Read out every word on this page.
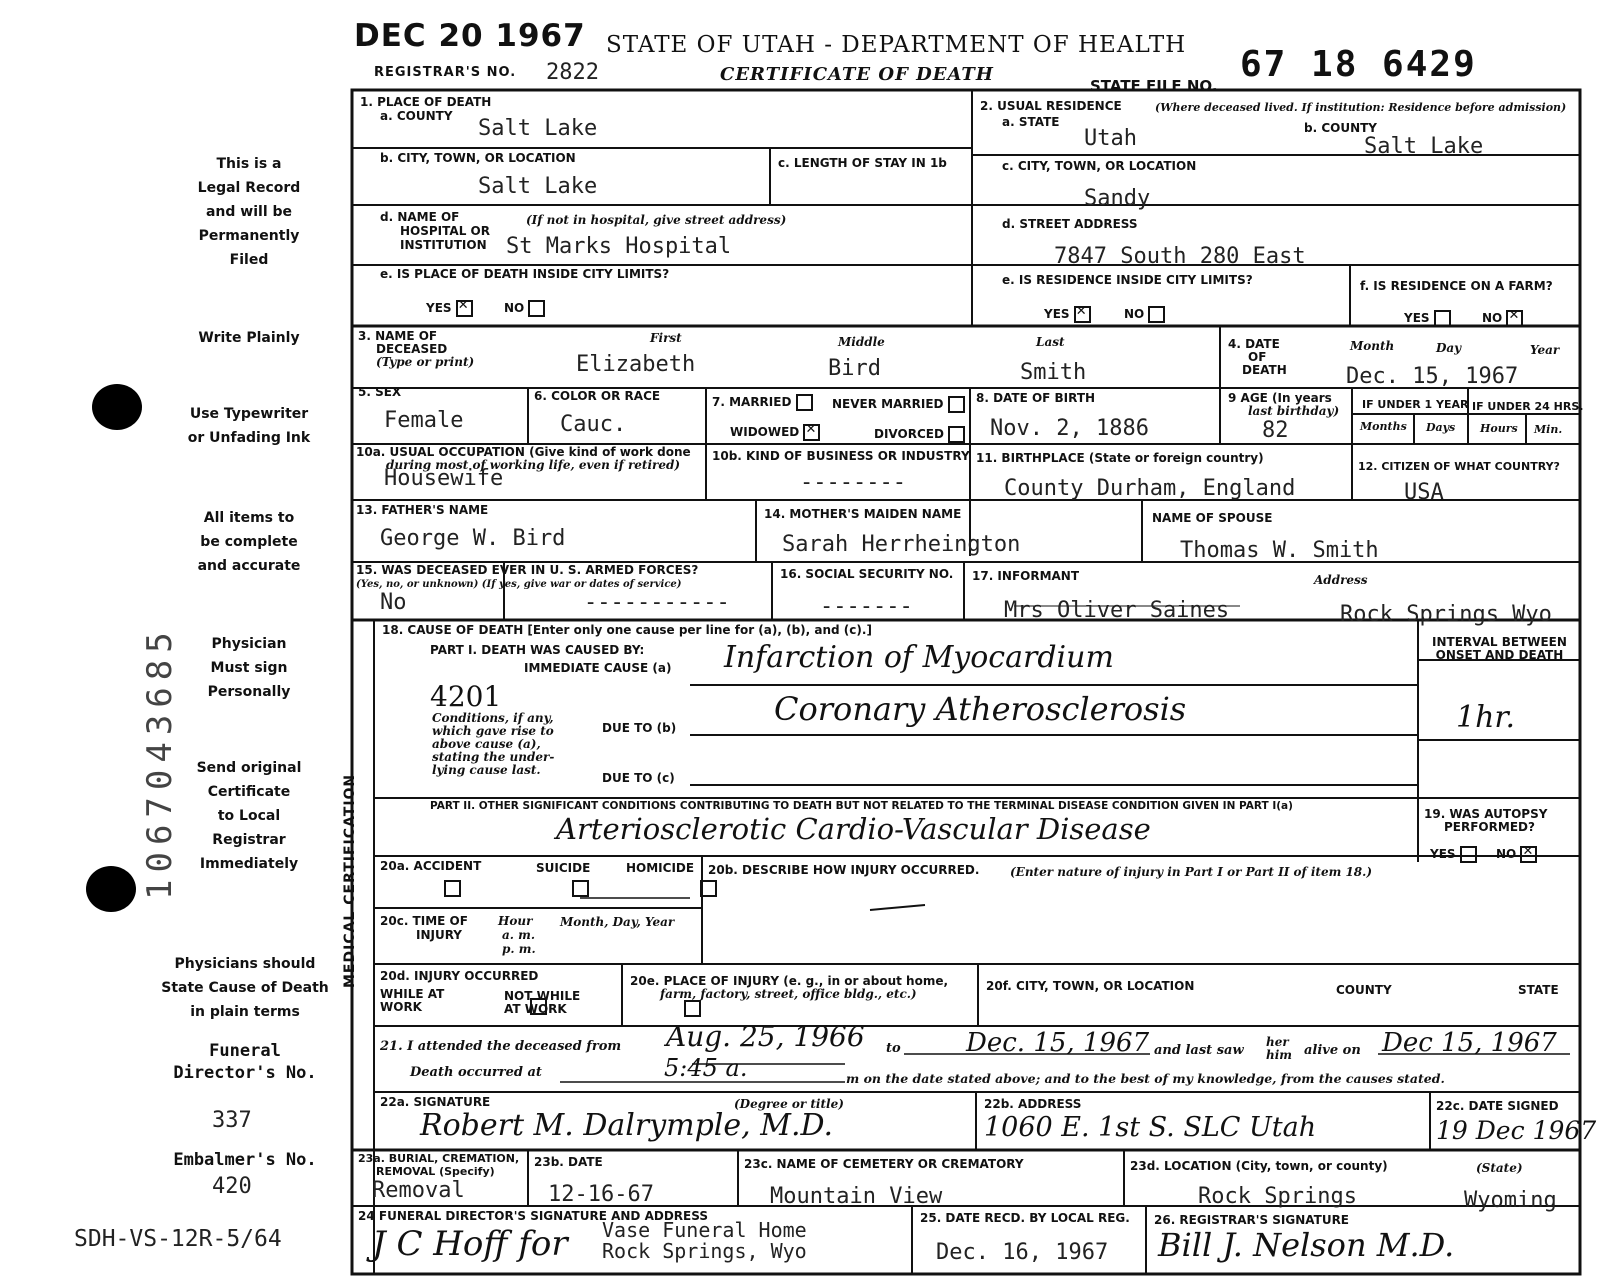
DEC 20 1967 STATE OF UTAH - DEPARTMENT OF HEALTH
REGISTRAR'S NO. 2822	CERTIFICATE OF DEATH
STATE FILE NO.
67 18 6429
This is a
Legal Record
and will be
Permanently
Filed
Write Plainly
Use Typewriter
or Unfading Ink
All items to
be complete
and accurate
Physician
Must sign
Personally
Send original
Certificate
to Local
Registrar
Immediately
Physicians should
State Cause of Death
in plain terms
Funeral
Director's No.
337
Embalmer's No.
420
SDH-VS-12R-5/64
1067043685
1. PLACE OF DEATH
a. COUNTY Salt Lake
b. CITY, TOWN, OR LOCATION
Salt Lake
c. LENGTH OF STAY IN 1b
d. NAME OF
HOSPITAL OR
INSTITUTION
(If not in hospital, give street address)
St Marks Hospital
e. IS PLACE OF DEATH INSIDE CITY LIMITS?
YES ✕	NO
2. USUAL RESIDENCE	(Where deceased lived. If institution: Residence before admission)
a. STATE	b. COUNTY
Utah	Salt Lake
c. CITY, TOWN, OR LOCATION
Sandy
d. STREET ADDRESS
7847 South 280 East
e. IS RESIDENCE INSIDE CITY LIMITS?
YES ✕	NO
f. IS RESIDENCE ON A FARM?
YES	NO ✕
3. NAME OF
DECEASED
(Type or print)
First	Middle	Last
Elizabeth	Bird	Smith
4. DATE
OF
DEATH
Month	Day	Year
Dec. 15, 1967
5. SEX
Female
6. COLOR OR RACE
Cauc.
7. MARRIED	NEVER MARRIED
WIDOWED ✕	DIVORCED
8. DATE OF BIRTH
Nov. 2, 1886
9 AGE (In years
last birthday)
82
IF UNDER 1 YEAR IF UNDER 24 HRS.
Months Days Hours Min.
10a. USUAL OCCUPATION (Give kind of work done
during most of working life, even if retired)
Housewife
10b. KIND OF BUSINESS OR INDUSTRY
--------
11. BIRTHPLACE (State or foreign country)
County Durham, England
12. CITIZEN OF WHAT COUNTRY?
USA
13. FATHER'S NAME
George W. Bird
14. MOTHER'S MAIDEN NAME
Sarah Herrheington
NAME OF SPOUSE
Thomas W. Smith
15. WAS DECEASED EVER IN U. S. ARMED FORCES?
(Yes, no, or unknown) (If yes, give war or dates of service)
No	-----------
16. SOCIAL SECURITY NO.
-------
17. INFORMANT	Address
Mrs Oliver Saines	Rock Springs Wyo
MEDICAL CERTIFICATION
18. CAUSE OF DEATH [Enter only one cause per line for (a), (b), and (c).]
PART I. DEATH WAS CAUSED BY:
IMMEDIATE CAUSE (a) Infarction of Myocardium
4201
Conditions, if any,
which gave rise to
above cause (a),
stating the under-
lying cause last.
DUE TO (b)	Coronary Atherosclerosis
DUE TO (c)
INTERVAL BETWEEN
ONSET AND DEATH
1hr.
PART II. OTHER SIGNIFICANT CONDITIONS CONTRIBUTING TO DEATH BUT NOT RELATED TO THE TERMINAL DISEASE CONDITION GIVEN IN PART I(a)
Arteriosclerotic Cardio-Vascular Disease	19. WAS AUTOPSY
PERFORMED?
YES	NO ✕
20a. ACCIDENT	SUICIDE	HOMICIDE
20b. DESCRIBE HOW INJURY OCCURRED.	(Enter nature of injury in Part I or Part II of item 18.)
20c. TIME OF
INJURY
Hour
a. m.
p. m.
Month, Day, Year
20d. INJURY OCCURRED
WHILE AT
WORK

NOT WHILE
AT WORK
20e. PLACE OF INJURY (e. g., in or about home,
farm, factory, street, office bldg., etc.)
20f. CITY, TOWN, OR LOCATION	COUNTY	STATE
21. I attended the deceased from Aug. 25, 1966 to	Dec. 15, 1967 and last saw
her
him alive on Dec 15, 1967
Death occurred at	5:45 a.	m on the date stated above; and to the best of my knowledge, from the causes stated.
22a. SIGNATURE	(Degree or title)
Robert M. Dalrymple, M.D.
22b. ADDRESS
1060 E. 1st S. SLC Utah
22c. DATE SIGNED
19 Dec 1967
23a. BURIAL, CREMATION,
REMOVAL (Specify)
Removal
23b. DATE
12-16-67
23c. NAME OF CEMETERY OR CREMATORY
Mountain View
23d. LOCATION (City, town, or county)	(State)
Rock Springs	Wyoming
24 FUNERAL DIRECTOR'S SIGNATURE AND ADDRESS
J C Hoff for Vase Funeral Home
Rock Springs, Wyo
25. DATE RECD. BY LOCAL REG.
Dec. 16, 1967
26. REGISTRAR'S SIGNATURE
Bill J. Nelson M.D.
